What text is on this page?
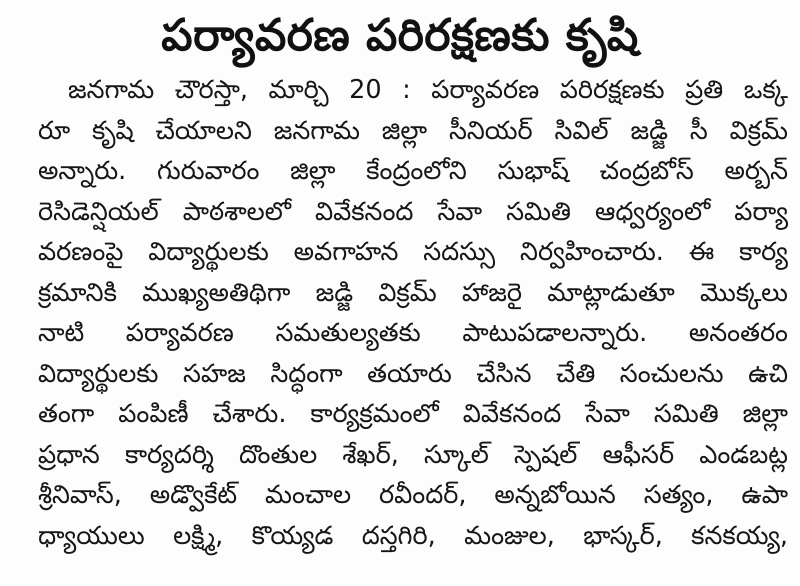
పర్యావరణ పరిరక్షణకు కృషి
జనగామ చౌరస్తా, మార్చి 20 : పర్యావరణ పరిరక్షణకు ప్రతి ఒక్క
రూ కృషి చేయాలని జనగామ జిల్లా సీనియర్ సివిల్ జడ్జి సీ విక్రమ్
అన్నారు. గురువారం జిల్లా కేంద్రంలోని సుభాష్ చంద్రబోస్ అర్బన్
రెసిడెన్షియల్ పాఠశాలలో వివేకనంద సేవా సమితి ఆధ్వర్యంలో పర్యా
వరణంపై విద్యార్థులకు అవగాహన సదస్సు నిర్వహించారు. ఈ కార్య
క్రమానికి ముఖ్యఅతిథిగా జడ్జి విక్రమ్ హాజరై మాట్లాడుతూ మొక్కలు
నాటి పర్యావరణ సమతుల్యతకు పాటుపడాలన్నారు. అనంతరం
విద్యార్థులకు సహజ సిద్ధంగా తయారు చేసిన చేతి సంచులను ఉచి
తంగా పంపిణీ చేశారు. కార్యక్రమంలో వివేకనంద సేవా సమితి జిల్లా
ప్రధాన కార్యదర్శి దొంతుల శేఖర్, స్కూల్ స్పెషల్ ఆఫీసర్ ఎండబట్ల
శ్రీనివాస్, అడ్వొకేట్ మంచాల రవీందర్, అన్నబోయిన సత్యం, ఉపా
ధ్యాయులు లక్ష్మి, కొయ్యడ దస్తగిరి, మంజుల, భాస్కర్, కనకయ్య,
